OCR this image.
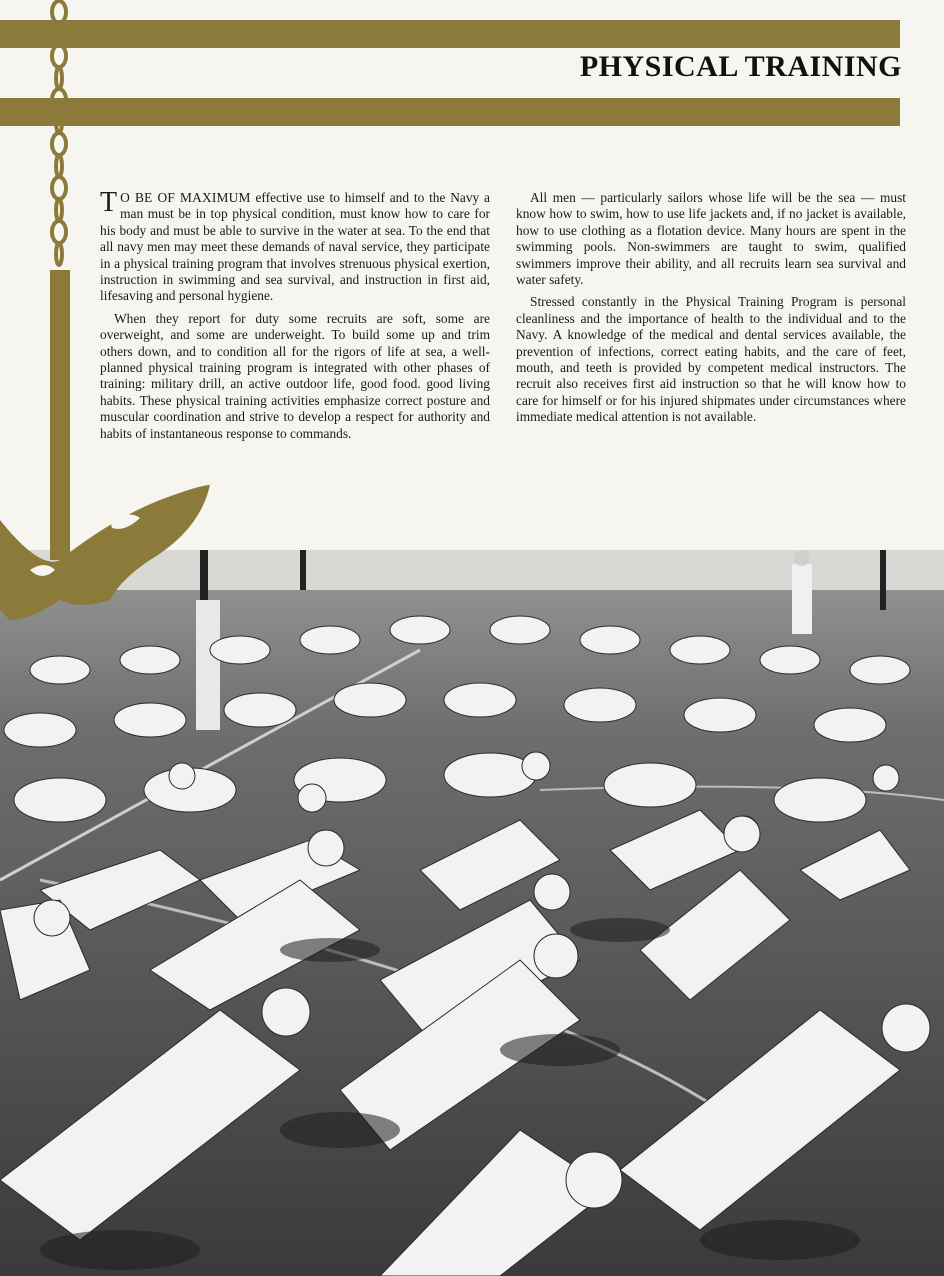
PHYSICAL TRAINING

T O BE OF MAXIMUM effective use to himself and to the Navy a man must be in top physical condition, must know how to care for his body and must be able to survive in the water at sea. To the end that all navy men may meet these demands of naval service, they participate in a physical training program that involves strenuous physical exertion, instruction in swimming and sea survival, and instruction in first aid, lifesaving and personal hygiene.

When they report for duty some recruits are soft, some are overweight, and some are underweight. To build some up and trim others down, and to condition all for the rigors of life at sea, a well-planned physical training program is integrated with other phases of training: military drill, an active outdoor life, good food. good living habits. These physical training activities emphasize correct posture and muscular coordination and strive to develop a respect for authority and habits of instantaneous response to commands.

All men — particularly sailors whose life will be the sea — must know how to swim, how to use life jackets and, if no jacket is available, how to use clothing as a flotation device. Many hours are spent in the swimming pools. Non-swimmers are taught to swim, qualified swimmers improve their ability, and all recruits learn sea survival and water safety.

Stressed constantly in the Physical Training Program is personal cleanliness and the importance of health to the individual and to the Navy. A knowledge of the medical and dental services available, the prevention of infections, correct eating habits, and the care of feet, mouth, and teeth is provided by competent medical instructors. The recruit also receives first aid instruction so that he will know how to care for himself or for his injured shipmates under circumstances where immediate medical attention is not available.
